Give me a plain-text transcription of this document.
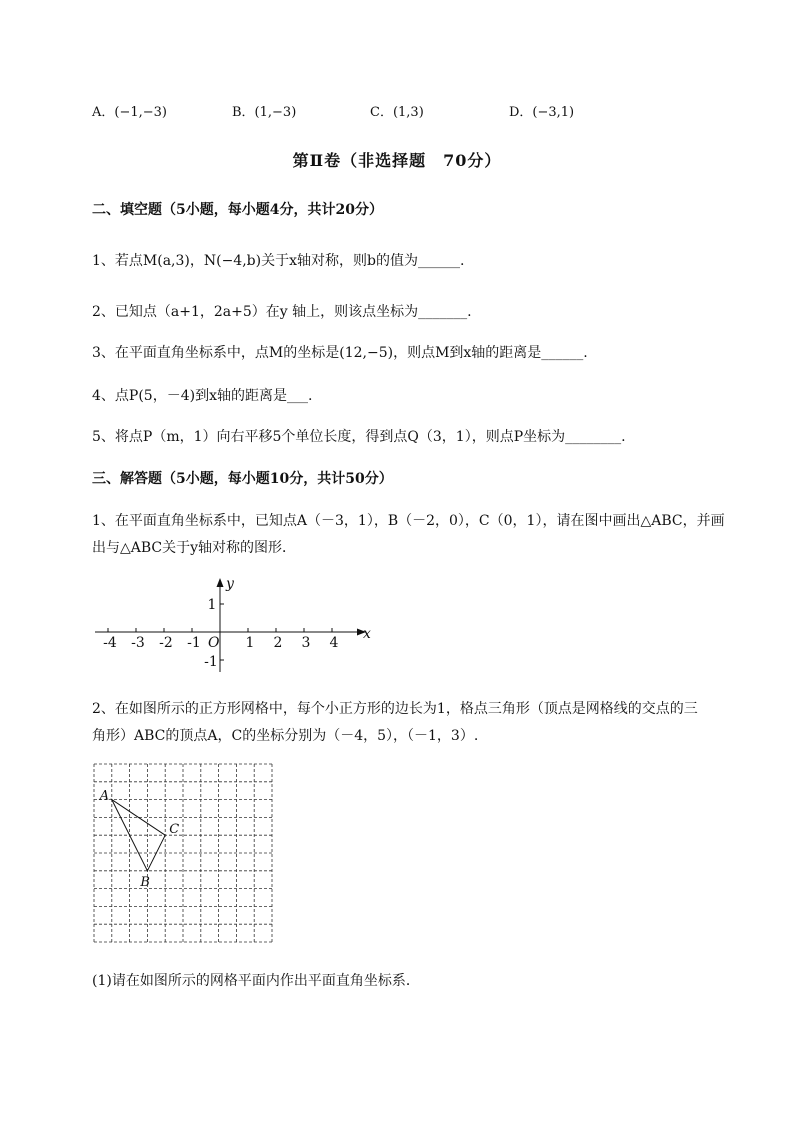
A．(−1,−3)	B．(1,−3)	C．(1,3)	D．(−3,1)
第Ⅱ卷（非选择题　70分）
二、填空题（5小题，每小题4分，共计20分）
1、若点M(a,3)，N(−4,b)关于x轴对称，则b的值为______.
2、已知点（a+1，2a+5）在y 轴上，则该点坐标为_______.
3、在平面直角坐标系中，点M的坐标是(12,−5)，则点M到x轴的距离是______.
4、点P(5，－4)到x轴的距离是___.
5、将点P（m，1）向右平移5个单位长度，得到点Q（3，1），则点P坐标为________.
三、解答题（5小题，每小题10分，共计50分）
1、在平面直角坐标系中，已知点A（－3，1），B（－2，0），C（0，1），请在图中画出△ABC，并画
出与△ABC关于y轴对称的图形．
-4 -3 -2 -1	1 2 3 4
1
-1
O
x
y
2、在如图所示的正方形网格中，每个小正方形的边长为1，格点三角形（顶点是网格线的交点的三
角形）ABC的顶点A，C的坐标分别为（－4，5），（－1，3）.
A
B
C
(1)请在如图所示的网格平面内作出平面直角坐标系．
